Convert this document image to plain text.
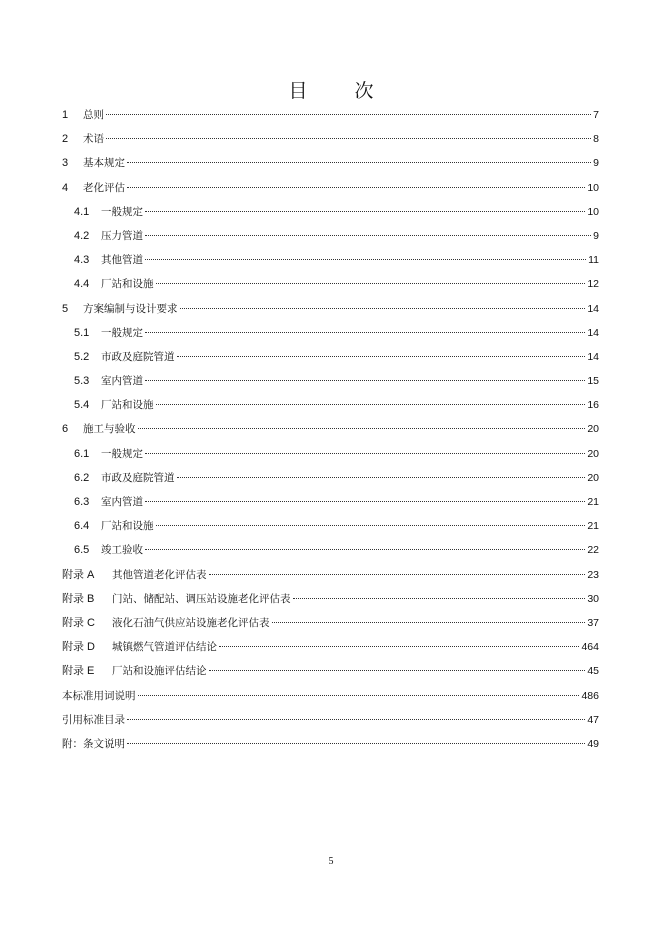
目　次
1	总则	7
2	术语	8
3	基本规定	9
4	老化评估	10
4.1	一般规定	10
4.2	压力管道	9
4.3	其他管道	11
4.4	厂站和设施	12
5	方案编制与设计要求	14
5.1	一般规定	14
5.2	市政及庭院管道	14
5.3	室内管道	15
5.4	厂站和设施	16
6	施工与验收	20
6.1	一般规定	20
6.2	市政及庭院管道	20
6.3	室内管道	21
6.4	厂站和设施	21
6.5	竣工验收	22
附录 A	其他管道老化评估表	23
附录 B	门站、储配站、调压站设施老化评估表	30
附录 C	液化石油气供应站设施老化评估表	37
附录 D	城镇燃气管道评估结论	464
附录 E	厂站和设施评估结论	45
本标准用词说明	486
引用标准目录	47
附：条文说明	49
5
